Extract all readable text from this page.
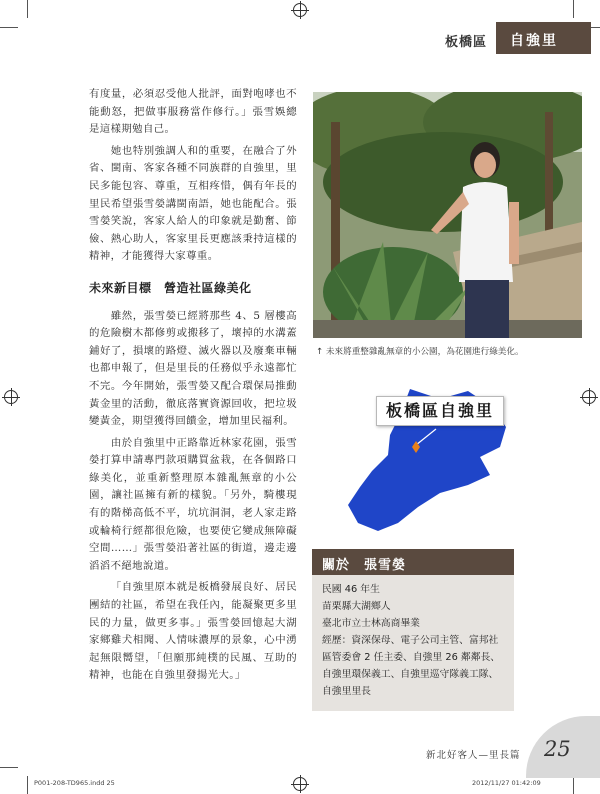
板橋區	自強里

有度量，必須忍受他人批評，面對咆哮也不能動怒，把做事服務當作修行。」張雪娛總是這樣期勉自己。

她也特別強調人和的重要，在融合了外省、閩南、客家各種不同族群的自強里，里民多能包容、尊重，互相疼惜，偶有年長的里民希望張雪嫈講閩南語，她也能配合。張雪嫈笑說，客家人給人的印象就是勤奮、節儉、熱心助人，客家里長更應該秉持這樣的精神，才能獲得大家尊重。

未來新目標　營造社區綠美化

雖然，張雪嫈已經將那些 4、5 層樓高的危險樹木都修剪或搬移了，壞掉的水溝蓋鋪好了，損壞的路燈、滅火器以及廢棄車輛也都申報了，但是里長的任務似乎永遠都忙不完。今年開始，張雪嫈又配合環保局推動黃金里的活動，徹底落實資源回收，把垃圾變黃金，期望獲得回饋金，增加里民福利。

由於自強里中正路靠近林家花園，張雪嫈打算申請專門款項購買盆栽，在各個路口綠美化，並重新整理原本雜亂無章的小公園，讓社區擁有新的樣貌。「另外，騎樓現有的階梯高低不平，坑坑洞洞，老人家走路或輪椅行經都很危險，也要使它變成無障礙空間……」張雪嫈沿著社區的街道，邊走邊滔滔不絕地說道。

「自強里原本就是板橋發展良好、居民團結的社區，希望在我任內，能凝聚更多里民的力量，做更多事。」張雪嫈回憶起大湖家鄉雞犬相聞、人情味濃厚的景象，心中湧起無限嚮望，「但願那純樸的民風、互助的精神，也能在自強里發揚光大。」

↑ 未來將重整雜亂無章的小公園，為花園進行綠美化。
板橋區自強里
關於　張雪嫈
民國 46 年生
苗栗縣大湖鄉人
臺北市立士林高商畢業
經歷：資深保母、電子公司主管、富邦社區管委會 2 任主委、自強里 26 鄰鄰長、自強里環保義工、自強里巡守隊義工隊、自強里里長
新北好客人—里長篇 25
P001-208-TD965.indd 25	2012/11/27 01:42:09
